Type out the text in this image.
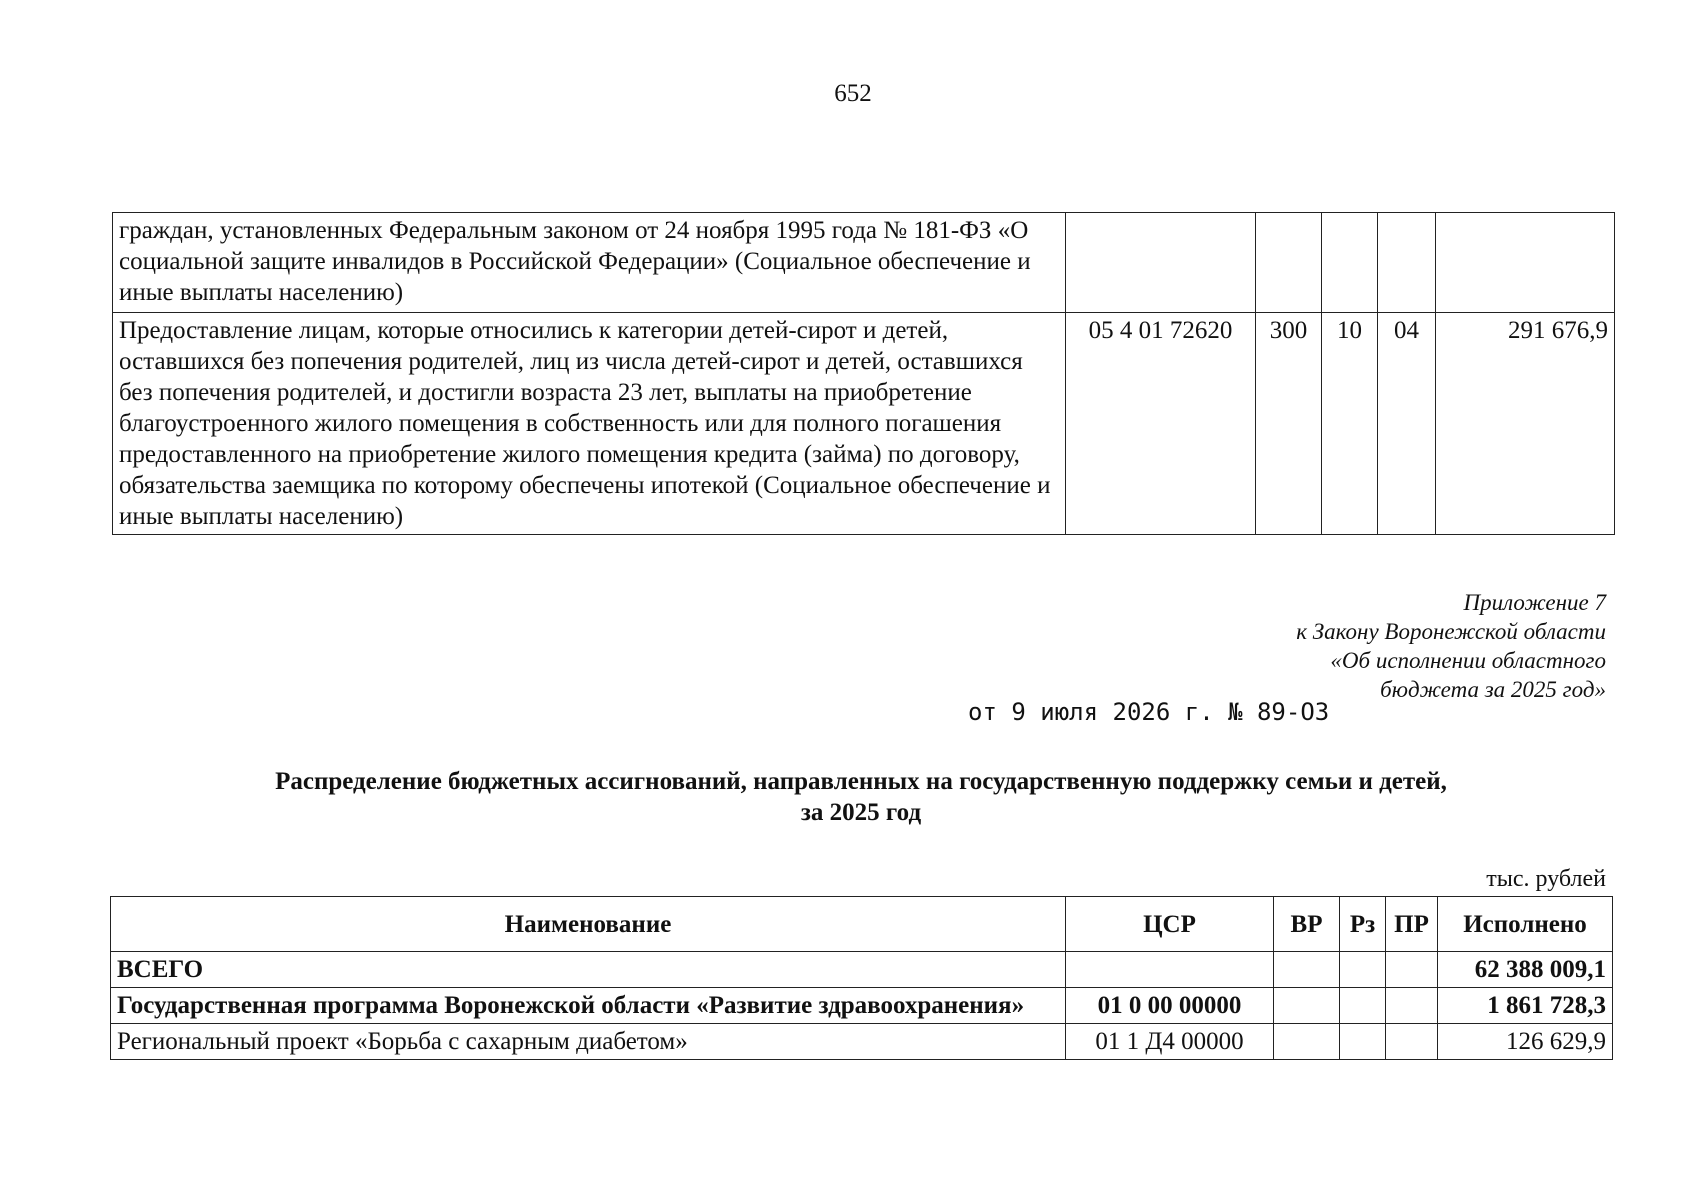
652
граждан, установленных Федеральным законом от 24 ноября 1995 года № 181-ФЗ «О социальной защите инвалидов в Российской Федерации» (Социальное обеспечение и иные выплаты населению)					
Предоставление лицам, которые относились к категории детей-сирот и детей, оставшихся без попечения родителей, лиц из числа детей-сирот и детей, оставшихся без попечения родителей, и достигли возраста 23 лет, выплаты на приобретение благоустроенного жилого помещения в собственность или для полного погашения предоставленного на приобретение жилого помещения кредита (займа) по договору, обязательства заемщика по которому обеспечены ипотекой (Социальное обеспечение и иные выплаты населению)	05 4 01 72620	300	10	04	291 676,9
Приложение 7
к Закону Воронежской области
«Об исполнении областного
бюджета за 2025 год»
от 9 июля 2026 г. № 89-ОЗ
Распределение бюджетных ассигнований, направленных на государственную поддержку семьи и детей,
за 2025 год
тыс. рублей
Наименование	ЦСР	ВР	Рз	ПР	Исполнено
ВСЕГО					62 388 009,1
Государственная программа Воронежской области «Развитие здравоохранения»	01 0 00 00000				1 861 728,3
Региональный проект «Борьба с сахарным диабетом»	01 1 Д4 00000				126 629,9
